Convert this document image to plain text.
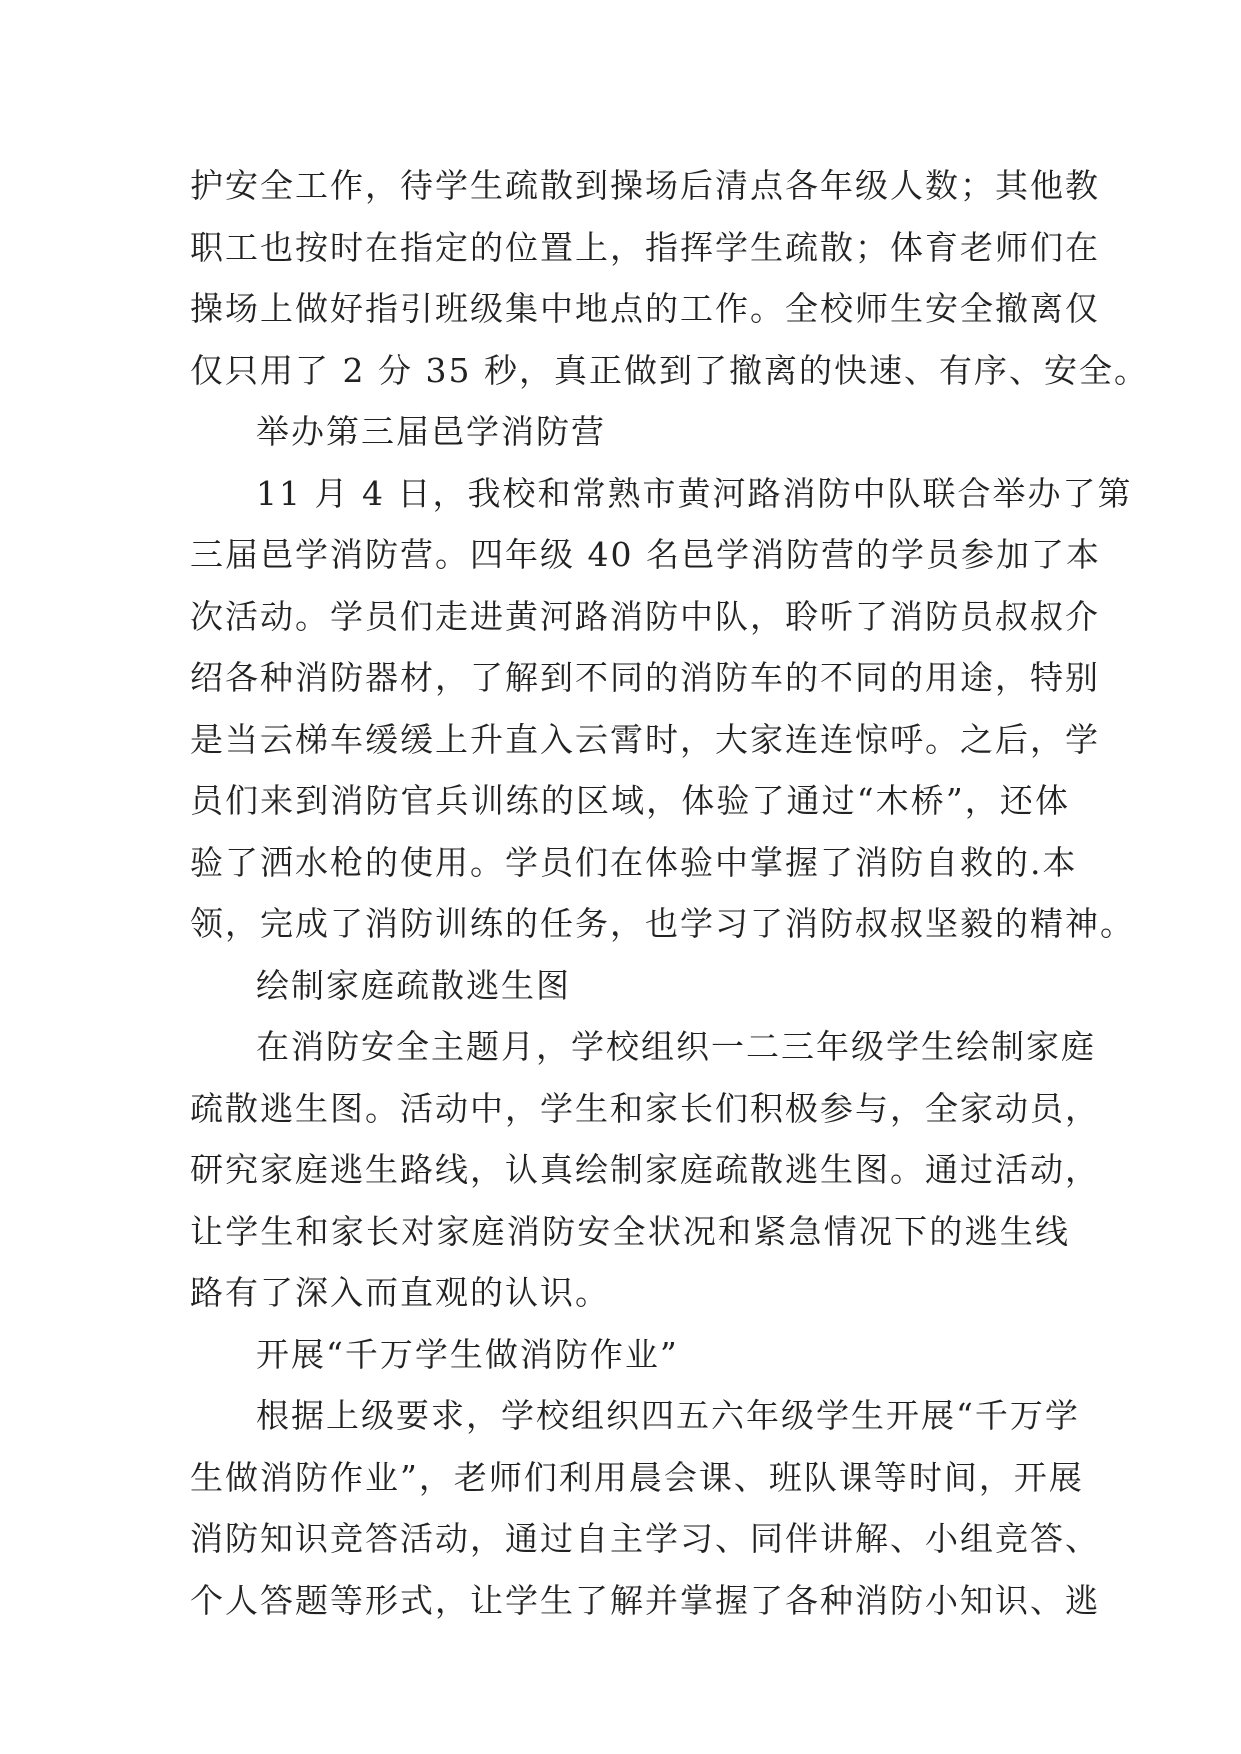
护安全工作，待学生疏散到操场后清点各年级人数；其他教
职工也按时在指定的位置上，指挥学生疏散；体育老师们在
操场上做好指引班级集中地点的工作。全校师生安全撤离仅
仅只用了 2 分 35 秒，真正做到了撤离的快速、有序、安全。
举办第三届邑学消防营
11 月 4 日，我校和常熟市黄河路消防中队联合举办了第
三届邑学消防营。四年级 40 名邑学消防营的学员参加了本
次活动。学员们走进黄河路消防中队，聆听了消防员叔叔介
绍各种消防器材，了解到不同的消防车的不同的用途，特别
是当云梯车缓缓上升直入云霄时，大家连连惊呼。之后，学
员们来到消防官兵训练的区域，体验了通过“木桥”，还体
验了洒水枪的使用。学员们在体验中掌握了消防自救的.本
领，完成了消防训练的任务，也学习了消防叔叔坚毅的精神。
绘制家庭疏散逃生图
在消防安全主题月，学校组织一二三年级学生绘制家庭
疏散逃生图。活动中，学生和家长们积极参与，全家动员，
研究家庭逃生路线，认真绘制家庭疏散逃生图。通过活动，
让学生和家长对家庭消防安全状况和紧急情况下的逃生线
路有了深入而直观的认识。
开展“千万学生做消防作业”
根据上级要求，学校组织四五六年级学生开展“千万学
生做消防作业”，老师们利用晨会课、班队课等时间，开展
消防知识竞答活动，通过自主学习、同伴讲解、小组竞答、
个人答题等形式，让学生了解并掌握了各种消防小知识、逃
